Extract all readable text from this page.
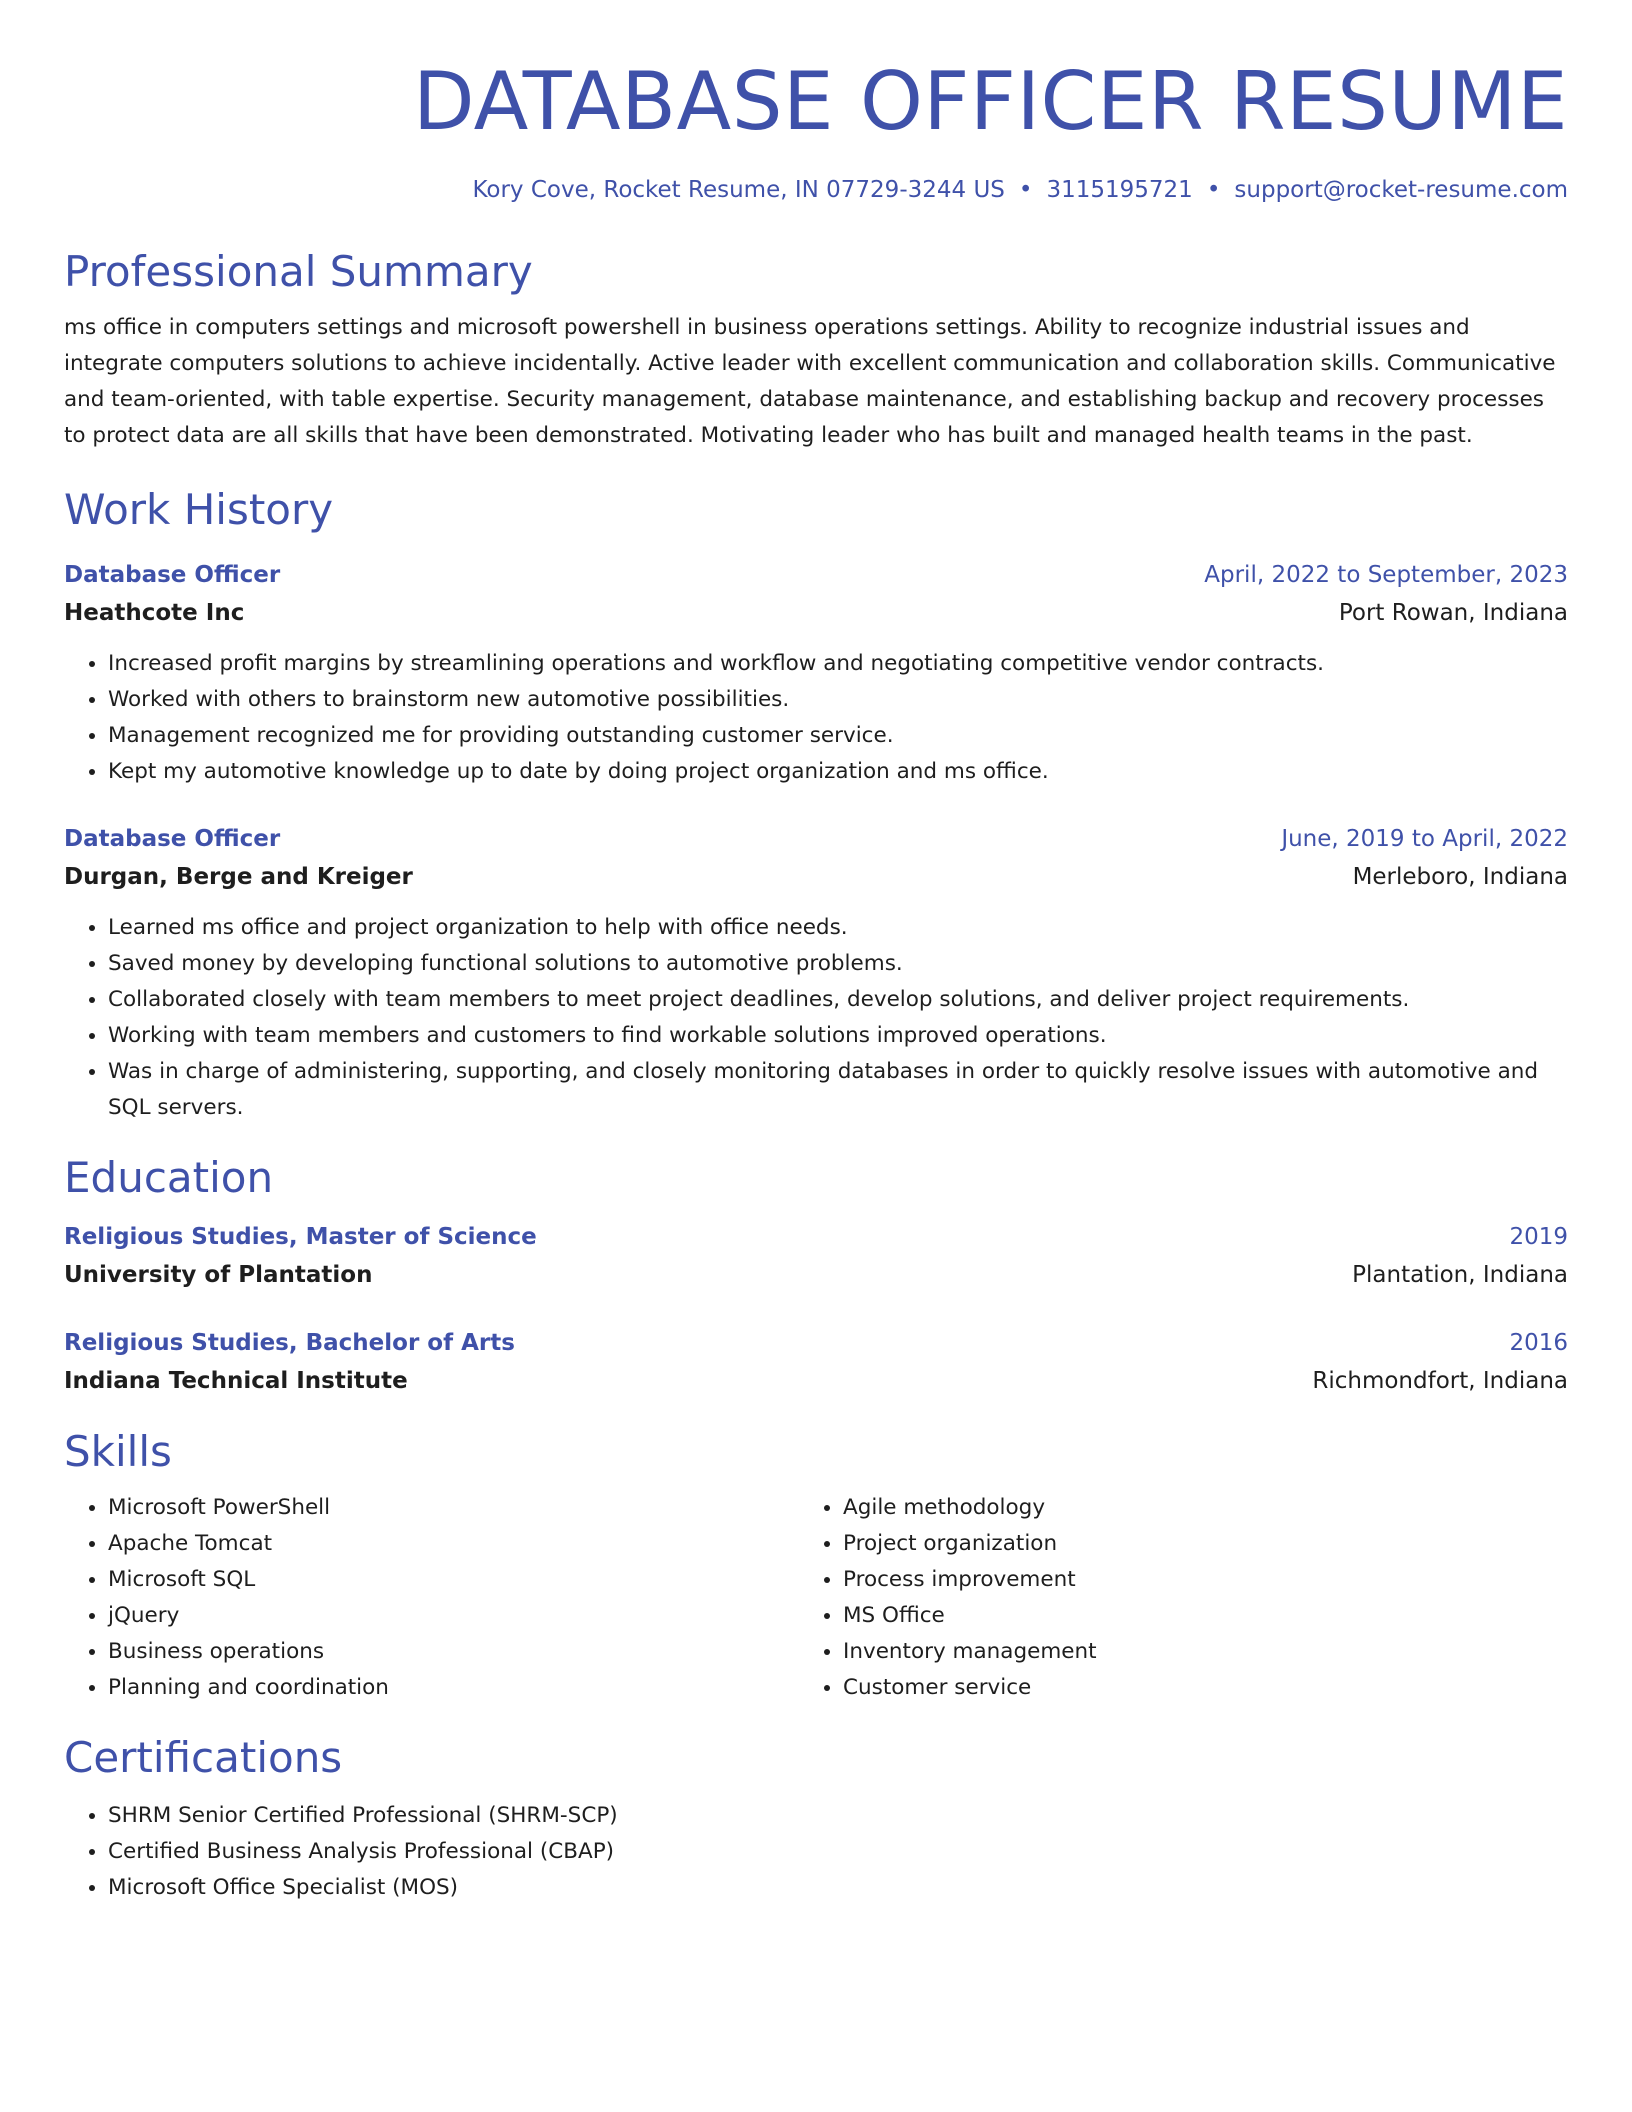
DATABASE OFFICER RESUME
Kory Cove, Rocket Resume, IN 07729-3244 US • 3115195721 • support@rocket-resume.com
Professional Summary
ms office in computers settings and microsoft powershell in business operations settings. Ability to recognize industrial issues and integrate computers solutions to achieve incidentally. Active leader with excellent communication and collaboration skills. Communicative and team-oriented, with table expertise. Security management, database maintenance, and establishing backup and recovery processes to protect data are all skills that have been demonstrated. Motivating leader who has built and managed health teams in the past.
Work History
Database Officer	April, 2022 to September, 2023
Heathcote Inc	Port Rowan, Indiana
• Increased profit margins by streamlining operations and workflow and negotiating competitive vendor contracts.
• Worked with others to brainstorm new automotive possibilities.
• Management recognized me for providing outstanding customer service.
• Kept my automotive knowledge up to date by doing project organization and ms office.
Database Officer	June, 2019 to April, 2022
Durgan, Berge and Kreiger	Merleboro, Indiana
• Learned ms office and project organization to help with office needs.
• Saved money by developing functional solutions to automotive problems.
• Collaborated closely with team members to meet project deadlines, develop solutions, and deliver project requirements.
• Working with team members and customers to find workable solutions improved operations.
• Was in charge of administering, supporting, and closely monitoring databases in order to quickly resolve issues with automotive and SQL servers.
Education
Religious Studies, Master of Science	2019
University of Plantation	Plantation, Indiana
Religious Studies, Bachelor of Arts	2016
Indiana Technical Institute	Richmondfort, Indiana
Skills
• Microsoft PowerShell
• Apache Tomcat
• Microsoft SQL
• jQuery
• Business operations
• Planning and coordination
• Agile methodology
• Project organization
• Process improvement
• MS Office
• Inventory management
• Customer service
Certifications
• SHRM Senior Certified Professional (SHRM-SCP)
• Certified Business Analysis Professional (CBAP)
• Microsoft Office Specialist (MOS)
